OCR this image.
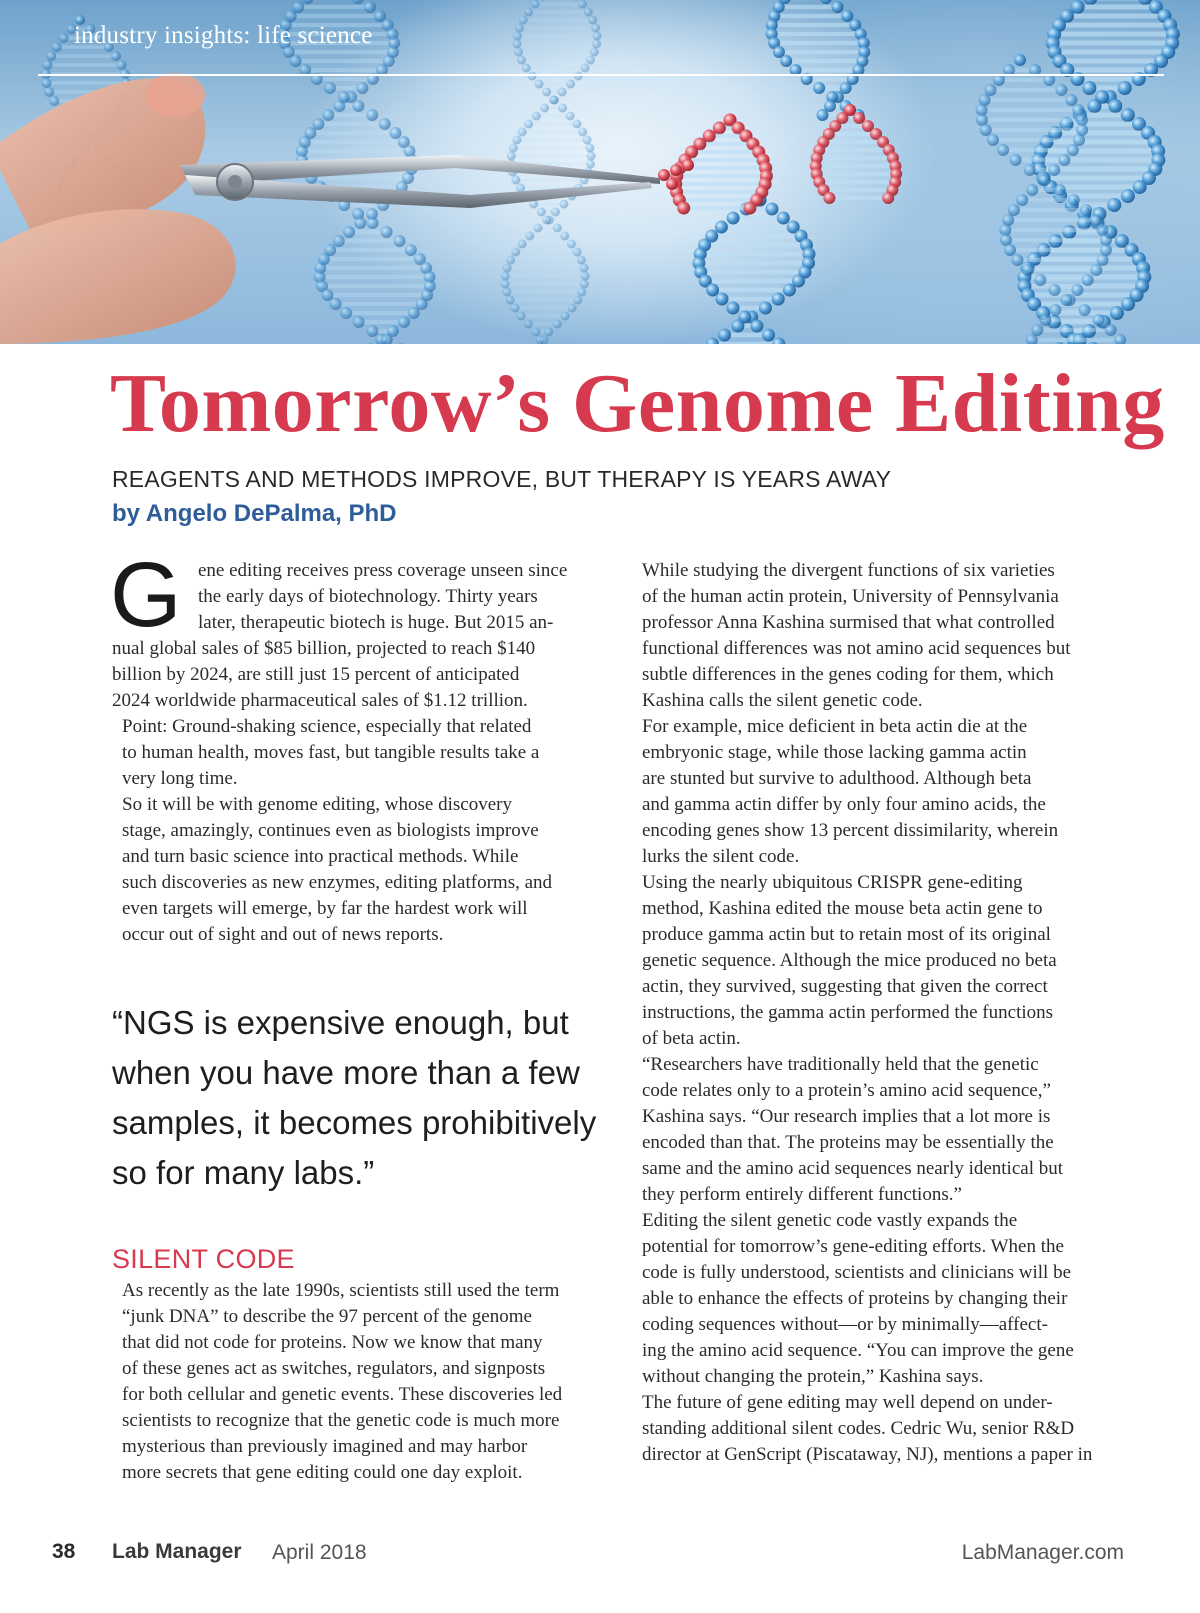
industry insights: life science
Tomorrow’s Genome Editing
REAGENTS AND METHODS IMPROVE, BUT THERAPY IS YEARS AWAY
by Angelo DePalma, PhD
G ene editing receives press coverage unseen since
the early days of biotechnology. Thirty years
later, therapeutic biotech is huge. But 2015 an-
nual global sales of $85 billion, projected to reach $140
billion by 2024, are still just 15 percent of anticipated
2024 worldwide pharmaceutical sales of $1.12 trillion.
Point: Ground-shaking science, especially that related
to human health, moves fast, but tangible results take a
very long time.
So it will be with genome editing, whose discovery
stage, amazingly, continues even as biologists improve
and turn basic science into practical methods. While
such discoveries as new enzymes, editing platforms, and
even targets will emerge, by far the hardest work will
occur out of sight and out of news reports.
“NGS is expensive enough, but
when you have more than a few
samples, it becomes prohibitively
so for many labs.”
SILENT CODE
As recently as the late 1990s, scientists still used the term
“junk DNA” to describe the 97 percent of the genome
that did not code for proteins. Now we know that many
of these genes act as switches, regulators, and signposts
for both cellular and genetic events. These discoveries led
scientists to recognize that the genetic code is much more
mysterious than previously imagined and may harbor
more secrets that gene editing could one day exploit.
While studying the divergent functions of six varieties
of the human actin protein, University of Pennsylvania
professor Anna Kashina surmised that what controlled
functional differences was not amino acid sequences but
subtle differences in the genes coding for them, which
Kashina calls the silent genetic code.
For example, mice deficient in beta actin die at the
embryonic stage, while those lacking gamma actin
are stunted but survive to adulthood. Although beta
and gamma actin differ by only four amino acids, the
encoding genes show 13 percent dissimilarity, wherein
lurks the silent code.
Using the nearly ubiquitous CRISPR gene-editing
method, Kashina edited the mouse beta actin gene to
produce gamma actin but to retain most of its original
genetic sequence. Although the mice produced no beta
actin, they survived, suggesting that given the correct
instructions, the gamma actin performed the functions
of beta actin.
“Researchers have traditionally held that the genetic
code relates only to a protein’s amino acid sequence,”
Kashina says. “Our research implies that a lot more is
encoded than that. The proteins may be essentially the
same and the amino acid sequences nearly identical but
they perform entirely different functions.”
Editing the silent genetic code vastly expands the
potential for tomorrow’s gene-editing efforts. When the
code is fully understood, scientists and clinicians will be
able to enhance the effects of proteins by changing their
coding sequences without—or by minimally—affect-
ing the amino acid sequence. “You can improve the gene
without changing the protein,” Kashina says.
The future of gene editing may well depend on under-
standing additional silent codes. Cedric Wu, senior R&D
director at GenScript (Piscataway, NJ), mentions a paper in
38 Lab Manager April 2018	LabManager.com
